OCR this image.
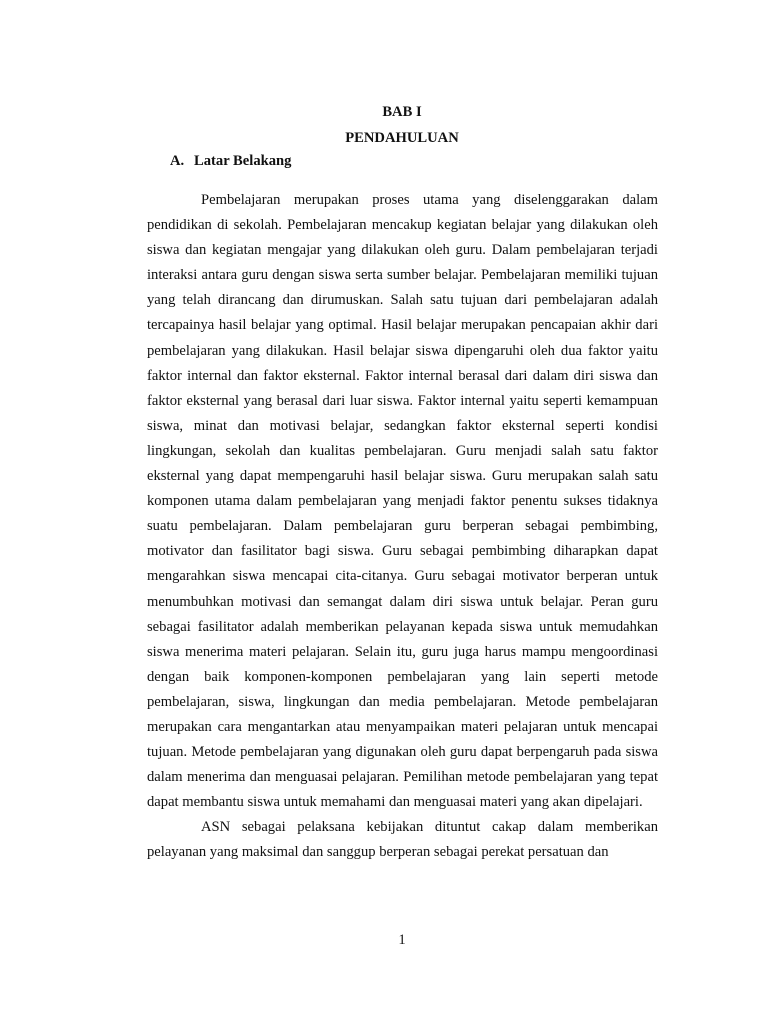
BAB I
PENDAHULUAN
A. Latar Belakang

Pembelajaran merupakan proses utama yang diselenggarakan dalam pendidikan di sekolah. Pembelajaran mencakup kegiatan belajar yang dilakukan oleh siswa dan kegiatan mengajar yang dilakukan oleh guru. Dalam pembelajaran terjadi interaksi antara guru dengan siswa serta sumber belajar. Pembelajaran memiliki tujuan yang telah dirancang dan dirumuskan. Salah satu tujuan dari pembelajaran adalah tercapainya hasil belajar yang optimal. Hasil belajar merupakan pencapaian akhir dari pembelajaran yang dilakukan. Hasil belajar siswa dipengaruhi oleh dua faktor yaitu faktor internal dan faktor eksternal. Faktor internal berasal dari dalam diri siswa dan faktor eksternal yang berasal dari luar siswa. Faktor internal yaitu seperti kemampuan siswa, minat dan motivasi belajar, sedangkan faktor eksternal seperti kondisi lingkungan, sekolah dan kualitas pembelajaran. Guru menjadi salah satu faktor eksternal yang dapat mempengaruhi hasil belajar siswa. Guru merupakan salah satu komponen utama dalam pembelajaran yang menjadi faktor penentu sukses tidaknya suatu pembelajaran. Dalam pembelajaran guru berperan sebagai pembimbing, motivator dan fasilitator bagi siswa. Guru sebagai pembimbing diharapkan dapat mengarahkan siswa mencapai cita-citanya. Guru sebagai motivator berperan untuk menumbuhkan motivasi dan semangat dalam diri siswa untuk belajar. Peran guru sebagai fasilitator adalah memberikan pelayanan kepada siswa untuk memudahkan siswa menerima materi pelajaran. Selain itu, guru juga harus mampu mengoordinasi dengan baik komponen-komponen pembelajaran yang lain seperti metode pembelajaran, siswa, lingkungan dan media pembelajaran. Metode pembelajaran merupakan cara mengantarkan atau menyampaikan materi pelajaran untuk mencapai tujuan. Metode pembelajaran yang digunakan oleh guru dapat berpengaruh pada siswa dalam menerima dan menguasai pelajaran. Pemilihan metode pembelajaran yang tepat dapat membantu siswa untuk memahami dan menguasai materi yang akan dipelajari.

ASN sebagai pelaksana kebijakan dituntut cakap dalam memberikan pelayanan yang maksimal dan sanggup berperan sebagai perekat persatuan dan

1
